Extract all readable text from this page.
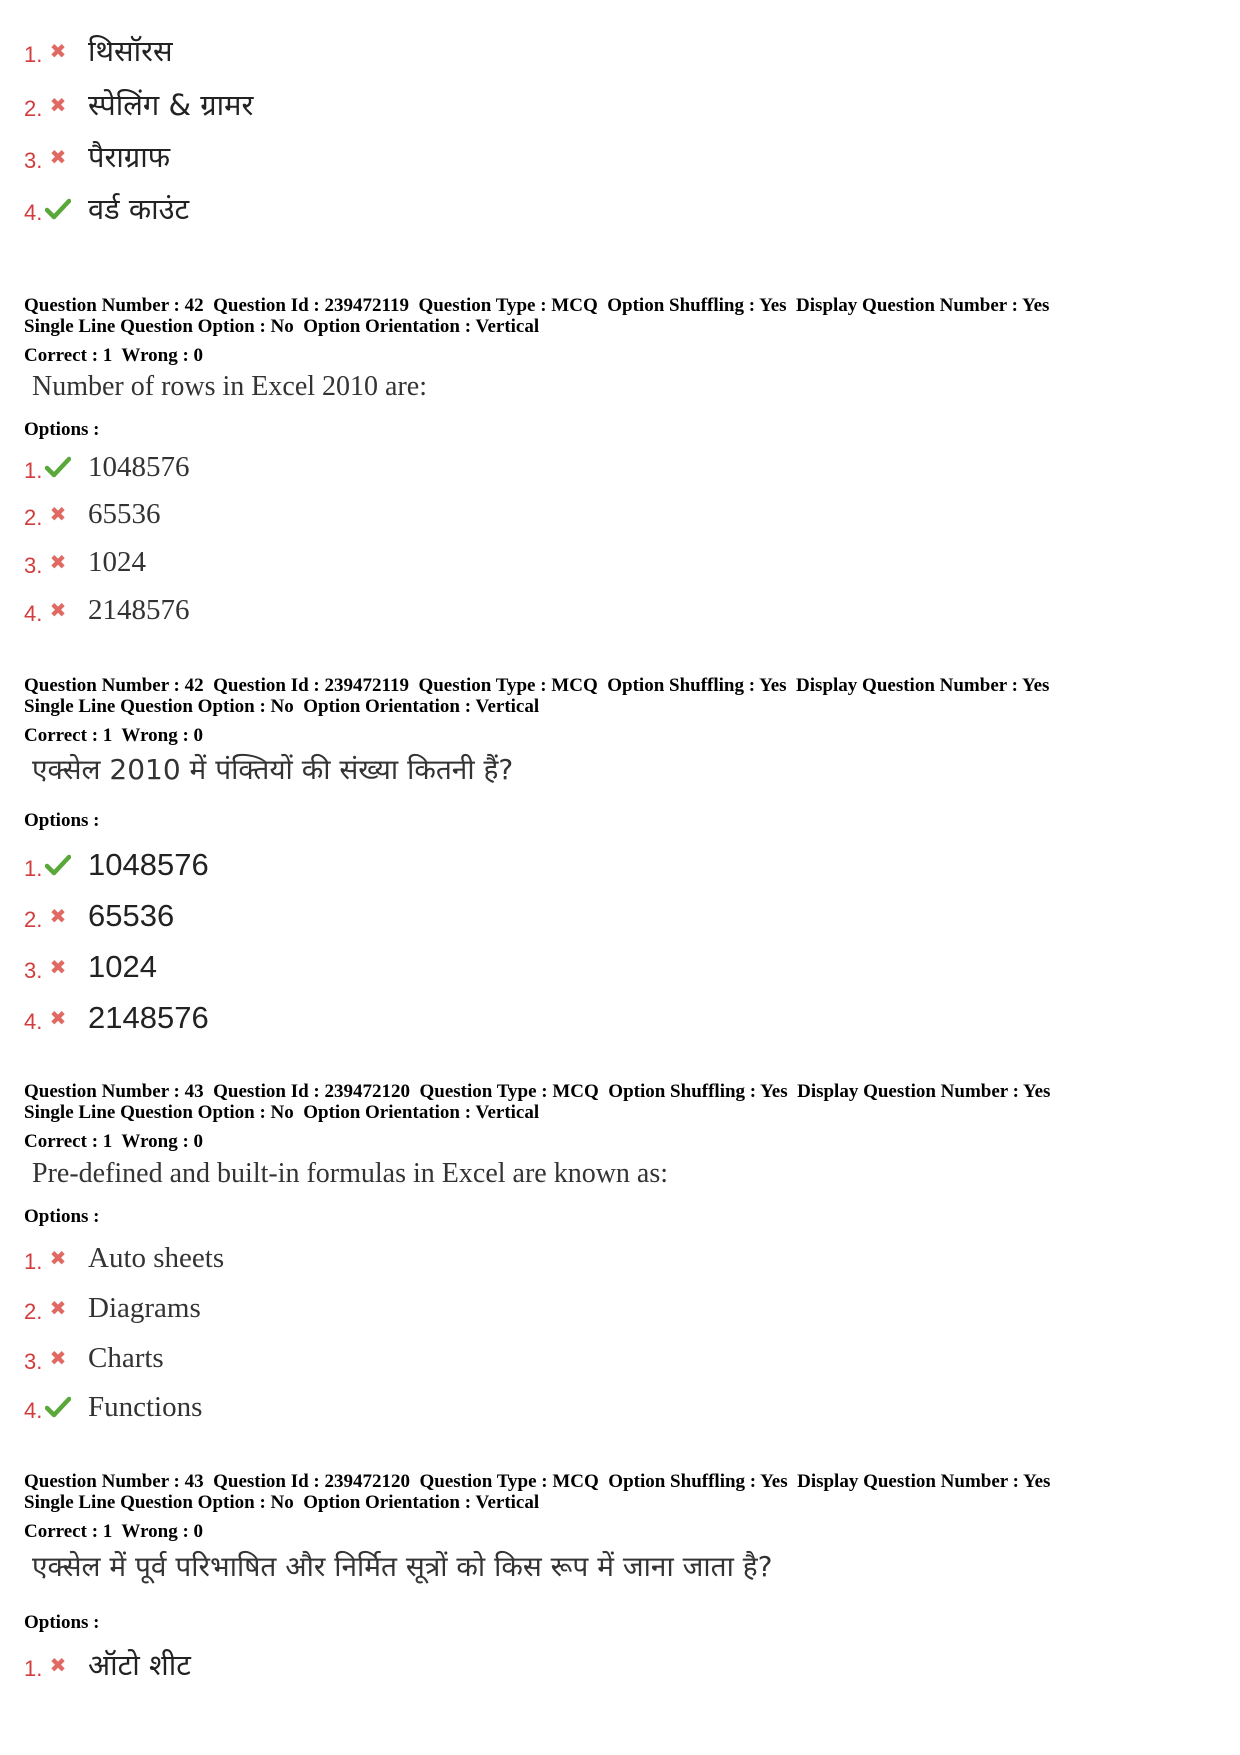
1. ✖ थिसॉरस
2. ✖ स्पेलिंग & ग्रामर
3. ✖ पैराग्राफ
4. वर्ड काउंट
Question Number : 42  Question Id : 239472119  Question Type : MCQ  Option Shuffling : Yes  Display Question Number : Yes
Single Line Question Option : No  Option Orientation : Vertical
Correct : 1  Wrong : 0
Number of rows in Excel 2010 are:
Options :
1. 1048576
2. ✖ 65536
3. ✖ 1024
4. ✖ 2148576
Question Number : 42  Question Id : 239472119  Question Type : MCQ  Option Shuffling : Yes  Display Question Number : Yes
Single Line Question Option : No  Option Orientation : Vertical
Correct : 1  Wrong : 0
एक्सेल 2010 में पंक्तियों की संख्या कितनी हैं?
Options :
1. 1048576
2. ✖ 65536
3. ✖ 1024
4. ✖ 2148576
Question Number : 43  Question Id : 239472120  Question Type : MCQ  Option Shuffling : Yes  Display Question Number : Yes
Single Line Question Option : No  Option Orientation : Vertical
Correct : 1  Wrong : 0
Pre-defined and built-in formulas in Excel are known as:
Options :
1. ✖ Auto sheets
2. ✖ Diagrams
3. ✖ Charts
4. Functions
Question Number : 43  Question Id : 239472120  Question Type : MCQ  Option Shuffling : Yes  Display Question Number : Yes
Single Line Question Option : No  Option Orientation : Vertical
Correct : 1  Wrong : 0
एक्सेल में पूर्व परिभाषित और निर्मित सूत्रों को किस रूप में जाना जाता है?
Options :
1. ✖ ऑटो शीट
